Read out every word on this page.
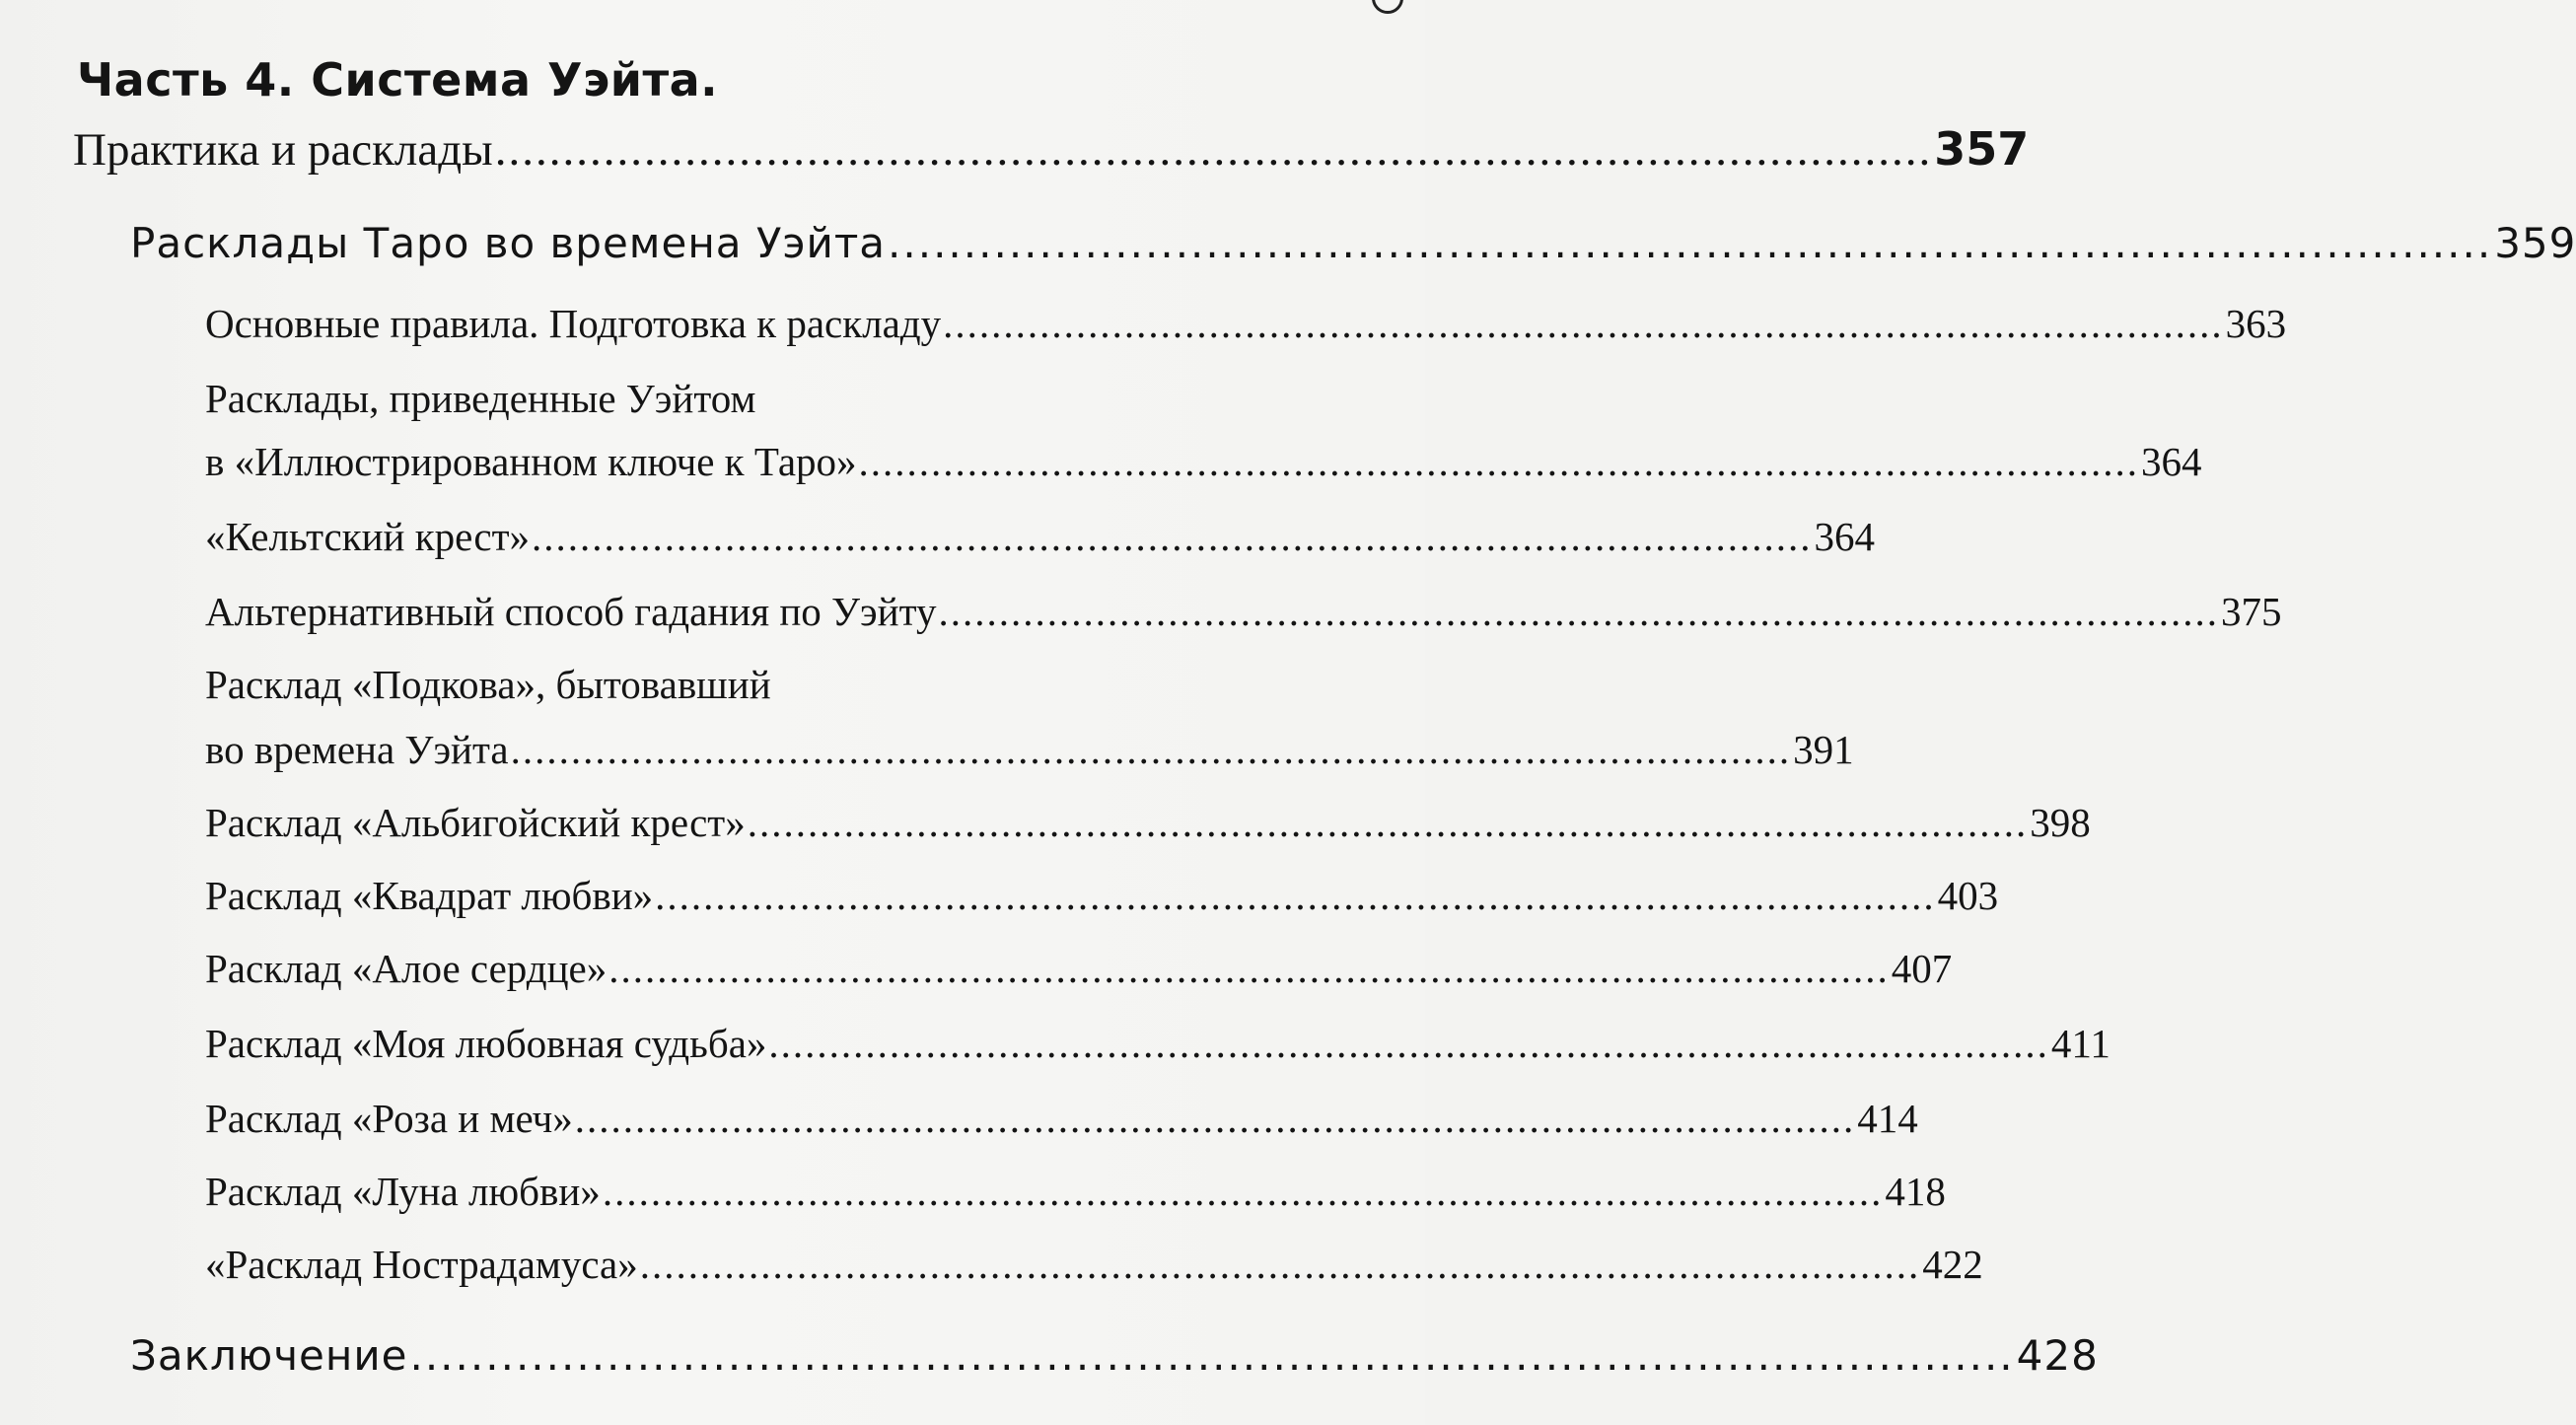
Часть 4. Система Уэйта.
Практика и расклады .......................................................................................................... 357
Расклады Таро во времена Уэйта .......................................................................................................... 359
Основные правила. Подготовка к раскладу .......................................................................................................... 363
Расклады, приведенные Уэйтом
в «Иллюстрированном ключе к Таро» .......................................................................................................... 364
«Кельтский крест» .......................................................................................................... 364
Альтернативный способ гадания по Уэйту .......................................................................................................... 375
Расклад «Подкова», бытовавший
во времена Уэйта .......................................................................................................... 391
Расклад «Альбигойский крест» .......................................................................................................... 398
Расклад «Квадрат любви» .......................................................................................................... 403
Расклад «Алое сердце» .......................................................................................................... 407
Расклад «Моя любовная судьба» .......................................................................................................... 411
Расклад «Роза и меч» .......................................................................................................... 414
Расклад «Луна любви» .......................................................................................................... 418
«Расклад Нострадамуса» .......................................................................................................... 422
Заключение .......................................................................................................... 428
